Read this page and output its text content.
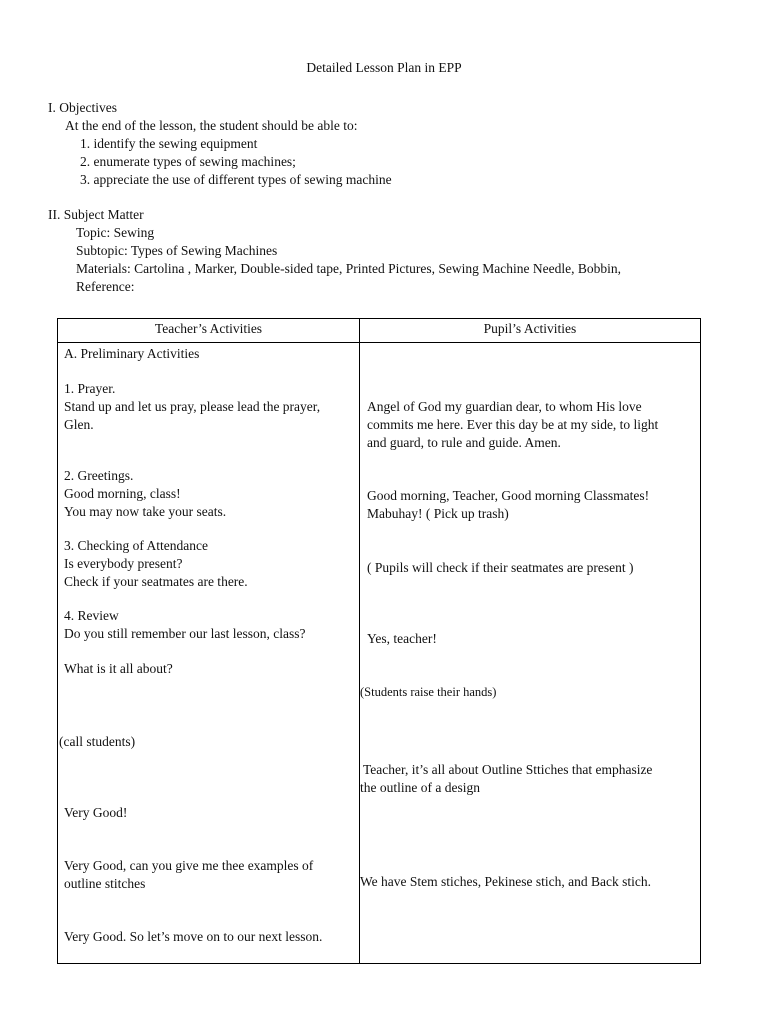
Detailed Lesson Plan in EPP
I. Objectives
At the end of the lesson, the student should be able to:
1. identify the sewing equipment
2. enumerate types of sewing machines;
3. appreciate the use of different types of sewing machine
II. Subject Matter
Topic: Sewing
Subtopic: Types of Sewing Machines
Materials: Cartolina , Marker, Double-sided tape, Printed Pictures, Sewing Machine Needle, Bobbin,
Reference:
Teacher’s Activities	Pupil’s Activities
A. Preliminary Activities
1. Prayer.
Stand up and let us pray, please lead the prayer,
Glen.
2. Greetings.
Good morning, class!
You may now take your seats.
3. Checking of Attendance
Is everybody present?
Check if your seatmates are there.
4. Review
Do you still remember our last lesson, class?
What is it all about?
(call students)
Very Good!
Very Good, can you give me thee examples of
outline stitches
Very Good. So let’s move on to our next lesson.
Angel of God my guardian dear, to whom His love
commits me here. Ever this day be at my side, to light
and guard, to rule and guide. Amen.
Good morning, Teacher, Good morning Classmates!
Mabuhay! ( Pick up trash)
( Pupils will check if their seatmates are present )
Yes, teacher!
(Students raise their hands)
Teacher, it’s all about Outline Sttiches that emphasize
the outline of a design
We have Stem stiches, Pekinese stich, and Back stich.
